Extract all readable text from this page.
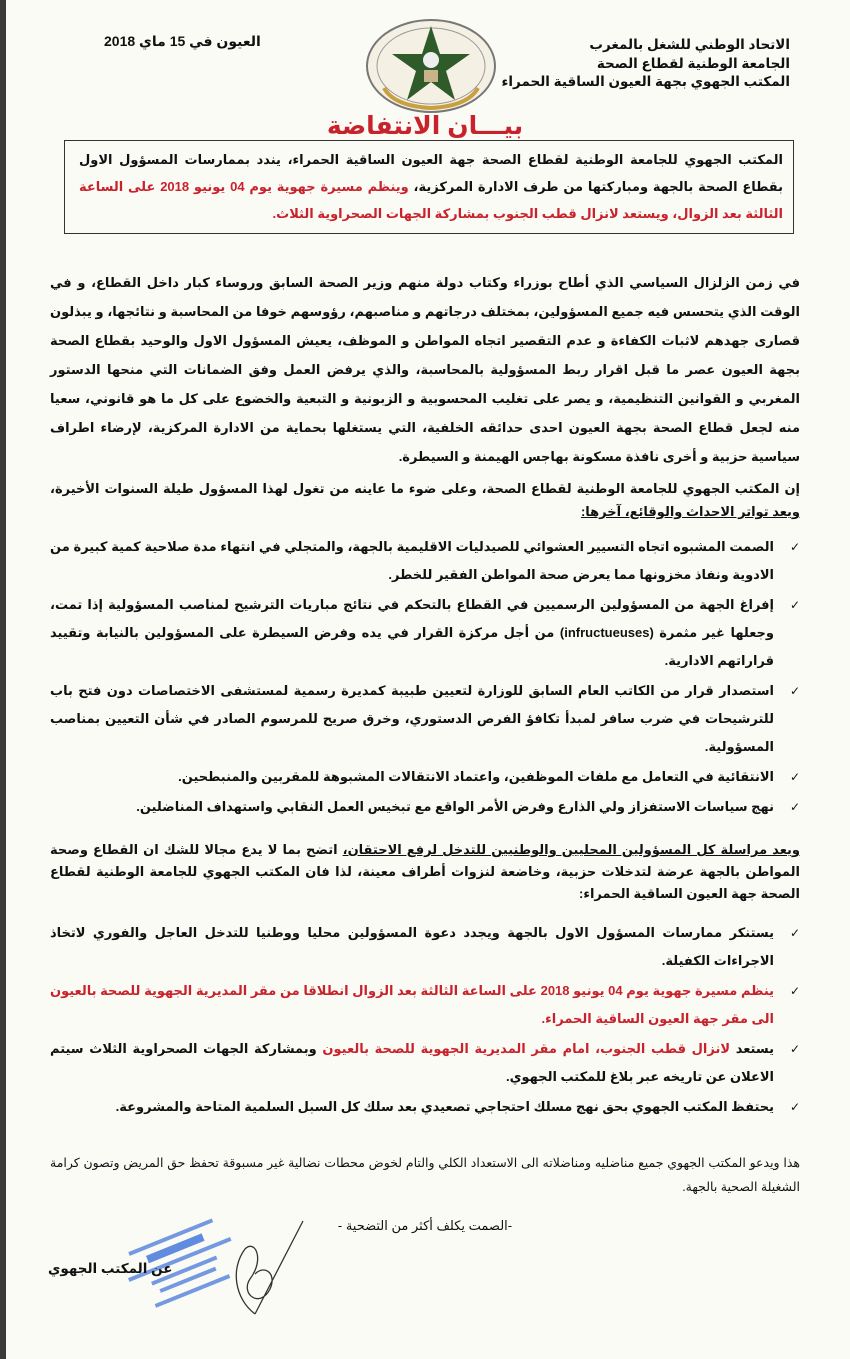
الاتحاد الوطني للشغل بالمغرب
الجامعة الوطنية لقطاع الصحة
المكتب الجهوي بجهة العيون الساقية الحمراء
العيون في 15 ماي 2018
بيـــان الانتفاضة
المكتب الجهوي للجامعة الوطنية لقطاع الصحة جهة العيون الساقية الحمراء، يندد بممارسات المسؤول الاول بقطاع الصحة بالجهة ومباركتها من طرف الادارة المركزية، وينظم مسيرة جهوية يوم 04 يونيو 2018 على الساعة الثالثة بعد الزوال، ويستعد لانزال قطب الجنوب بمشاركة الجهات الصحراوية الثلاث.
في زمن الزلزال السياسي الذي أطاح بوزراء وكتاب دولة منهم وزير الصحة السابق وروساء كبار داخل القطاع، و في الوقت الذي يتحسس فيه جميع المسؤولين، بمختلف درجاتهم و مناصبهم، رؤوسهم خوفا من المحاسبة و نتائجها، و يبذلون قصارى جهدهم لاثبات الكفاءة و عدم التقصير اتجاه المواطن و الموظف، يعيش المسؤول الاول والوحيد بقطاع الصحة بجهة العيون عصر ما قبل اقرار ربط المسؤولية بالمحاسبة، والذي يرفض العمل وفق الضمانات التي منحها الدستور المغربي و القوانين التنظيمية، و يصر على تغليب المحسوبية و الزبونية و التبعية والخضوع على كل ما هو قانوني، سعيا منه لجعل قطاع الصحة بجهة العيون احدى حدائقه الخلفية، التي يستغلها بحماية من الادارة المركزية، لإرضاء اطراف سياسية حزبية و أخرى نافذة مسكونة بهاجس الهيمنة و السيطرة.
إن المكتب الجهوي للجامعة الوطنية لقطاع الصحة، وعلى ضوء ما عاينه من تغول لهذا المسؤول طيلة السنوات الأخيرة، ويعد تواتر الاحداث والوقائع، آخرها:
✓
الصمت المشبوه اتجاه التسيير العشوائي للصيدليات الاقليمية بالجهة، والمتجلي في انتهاء مدة صلاحية كمية كبيرة من الادوية ونفاذ مخزونها مما يعرض صحة المواطن الفقير للخطر.
✓
إفراغ الجهة من المسؤولين الرسميين في القطاع بالتحكم في نتائج مباريات الترشيح لمناصب المسؤولية إذا تمت، وجعلها غير مثمرة (infructueuses) من أجل مركزة القرار في يده وفرض السيطرة على المسؤولين بالنيابة وتقييد قراراتهم الادارية.
✓
استصدار قرار من الكاتب العام السابق للوزارة لتعيين طبيبة كمديرة رسمية لمستشفى الاختصاصات دون فتح باب للترشيحات في ضرب سافر لمبدأ تكافؤ الفرص الدستوري، وخرق صريح للمرسوم الصادر في شأن التعيين بمناصب المسؤولية.
✓
الانتقائية في التعامل مع ملفات الموظفين، واعتماد الانتقالات المشبوهة للمقربين والمنبطحين.
✓
نهج سياسات الاستفزاز ولي الذارع وفرض الأمر الواقع مع تبخيس العمل النقابي واستهداف المناضلين.
ويعد مراسلة كل المسؤولين المحليين والوطنيين للتدخل لرفع الاحتقان، اتضح بما لا يدع مجالا للشك ان القطاع وصحة المواطن بالجهة عرضة لتدخلات حزبية، وخاضعة لنزوات أطراف معينة، لذا فان المكتب الجهوي للجامعة الوطنية لقطاع الصحة جهة العيون الساقية الحمراء:
✓
يستنكر ممارسات المسؤول الاول بالجهة ويجدد دعوة المسؤولين محليا ووطنيا للتدخل العاجل والفوري لاتخاذ الاجراءات الكفيلة.
✓
ينظم مسيرة جهوية يوم 04 يونيو 2018 على الساعة الثالثة بعد الزوال انطلاقا من مقر المديرية الجهوية للصحة بالعيون الى مقر جهة العيون الساقية الحمراء.
✓
يستعد لانزال قطب الجنوب، امام مقر المديرية الجهوية للصحة بالعيون وبمشاركة الجهات الصحراوية الثلاث سيتم الاعلان عن تاريخه عبر بلاغ للمكتب الجهوي.
✓
يحتفظ المكتب الجهوي بحق نهج مسلك احتجاجي تصعيدي بعد سلك كل السبل السلمية المتاحة والمشروعة.
هذا ويدعو المكتب الجهوي جميع مناضليه ومناضلاته الى الاستعداد الكلي والتام لخوض محطات نضالية غير مسبوقة تحفظ حق المريض وتصون كرامة الشغيلة الصحية بالجهة.
-الصمت يكلف أكثر من التضحية -
عن المكتب الجهوي
